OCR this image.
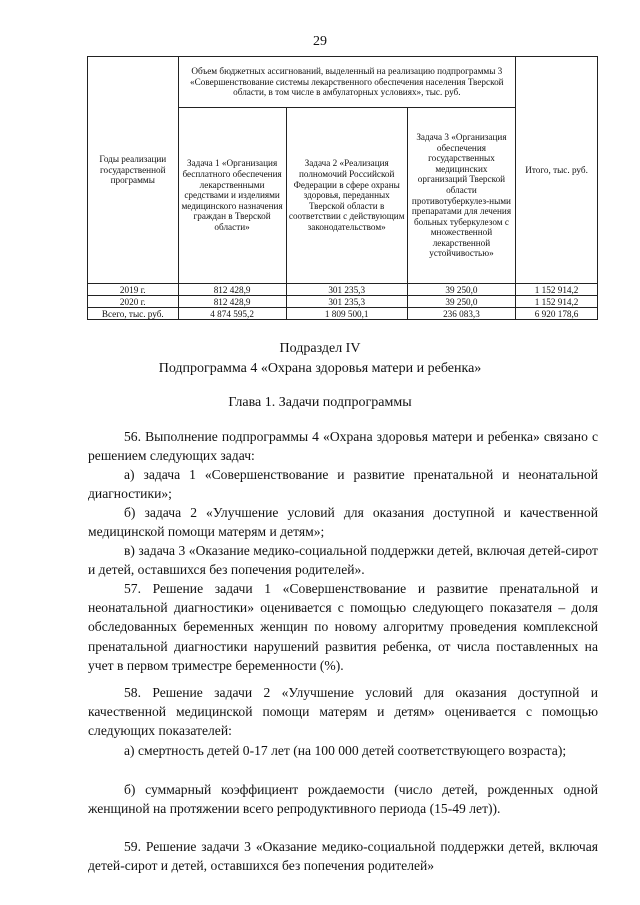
29
Годы реализации государственной программы	Объем бюджетных ассигнований, выделенный на реализацию подпрограммы 3 «Совершенствование системы лекарственного обеспечения населения Тверской области, в том числе в амбулаторных условиях», тыс. руб.			Итого, тыс. руб.
	Задача 1 «Организация бесплатного обеспечения лекарственными средствами и изделиями медицинского назначения граждан в Тверской области»	Задача 2 «Реализация полномочий Российской Федерации в сфере охраны здоровья, переданных Тверской области в соответствии с действующим законодательством»	Задача 3 «Организация обеспечения государственных медицинских организаций Тверской области противотуберкулез-ными препаратами для лечения больных туберкулезом с множественной лекарственной устойчивостью»	
2019 г.	812 428,9	301 235,3	39 250,0	1 152 914,2
2020 г.	812 428,9	301 235,3	39 250,0	1 152 914,2
Всего, тыс. руб.	4 874 595,2	1 809 500,1	236 083,3	6 920 178,6
Подраздел IV
Подпрограмма 4 «Охрана здоровья матери и ребенка»
Глава 1. Задачи подпрограммы

56. Выполнение подпрограммы 4 «Охрана здоровья матери и ребенка» связано с решением следующих задач:

а) задача 1 «Совершенствование и развитие пренатальной и неонатальной диагностики»;

б) задача 2 «Улучшение условий для оказания доступной и качественной медицинской помощи матерям и детям»;

в) задача 3 «Оказание медико-социальной поддержки детей, включая детей-сирот и детей, оставшихся без попечения родителей».

57. Решение задачи 1 «Совершенствование и развитие пренатальной и неонатальной диагностики» оценивается с помощью следующего показателя – доля обследованных беременных женщин по новому алгоритму проведения комплексной пренатальной диагностики нарушений развития ребенка, от числа поставленных на учет в первом триместре беременности (%).

58. Решение задачи 2 «Улучшение условий для оказания доступной и качественной медицинской помощи матерям и детям» оценивается с помощью следующих показателей:

а) смертность детей 0-17 лет (на 100 000 детей соответствующего возраста);

б) суммарный коэффициент рождаемости (число детей, рожденных одной женщиной на протяжении всего репродуктивного периода (15-49 лет)).

59. Решение задачи 3 «Оказание медико-социальной поддержки детей, включая детей-сирот и детей, оставшихся без попечения родителей»
